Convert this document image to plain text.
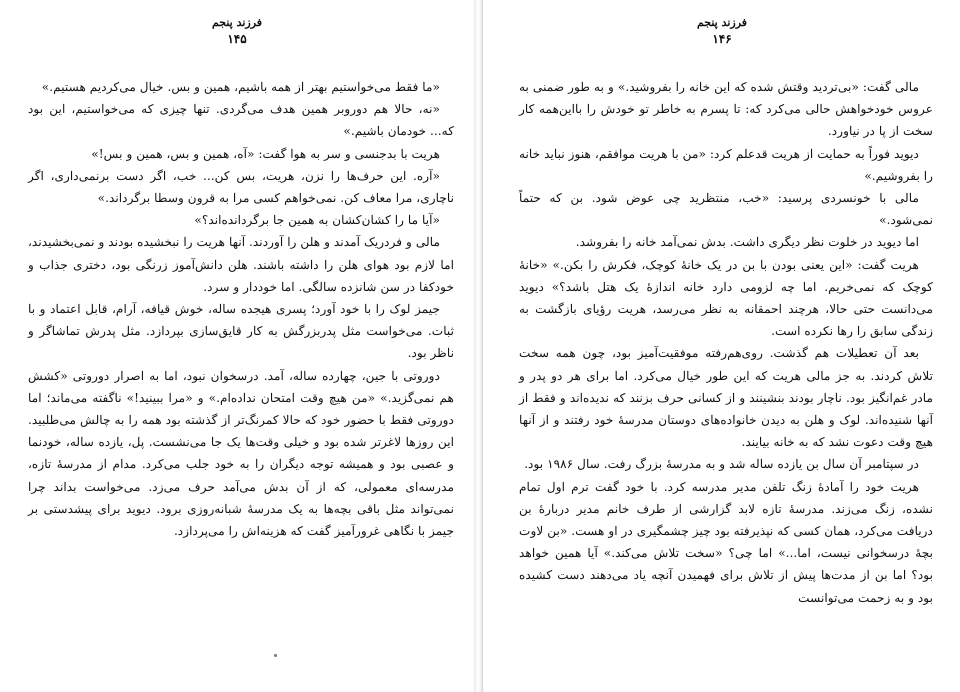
فرزند پنجم
۱۴۵

«ما فقط می‌خواستیم بهتر از همه باشیم، همین و بس. خیال می‌کردیم هستیم.»

«نه، حالا هم دوروبر همین هدف می‌گردی. تنها چیزی که می‌خواستیم، این بود که... خودمان باشیم.»

هریت با بدجنسی و سر به هوا گفت: «آه، همین و بس، همین و بس!»

«آره. این حرف‌ها را نزن، هریت، بس کن... خب، اگر دست برنمی‌داری، اگر ناچاری، مرا معاف کن. نمی‌خواهم کسی مرا به قرون وسطا برگرداند.»

«آیا ما را کشان‌کشان به همین جا برگردانده‌اند؟»

مالی و فردریک آمدند و هلن را آوردند. آنها هریت را نبخشیده بودند و نمی‌بخشیدند، اما لازم بود هوای هلن را داشته باشند. هلن دانش‌آموز زرنگی بود، دختری جذاب و خودکفا در سن شانزده سالگی. اما خوددار و سرد.

جیمز لوک را با خود آورد؛ پسری هیجده ساله، خوش قیافه، آرام، قابل اعتماد و با ثبات. می‌خواست مثل پدربزرگش به کار قایق‌سازی بپردازد. مثل پدرش تماشاگر و ناظر بود.

دوروتی با جین، چهارده ساله، آمد. درسخوان نبود، اما به اصرار دوروتی «کشش هم نمی‌گزید.» «من هیچ وقت امتحان نداده‌ام.» و «مرا ببینید!» ناگفته می‌ماند؛ اما دوروتی فقط با حضور خود که حالا کمرنگ‌تر از گذشته بود همه را به چالش می‌طلبید. این روزها لاغرتر شده بود و خیلی وقت‌ها یک جا می‌نشست. پل، یازده ساله، خودنما و عصبی بود و همیشه توجه دیگران را به خود جلب می‌کرد. مدام از مدرسهٔ تازه، مدرسه‌ای معمولی، که از آن بدش می‌آمد حرف می‌زد. می‌خواست بداند چرا نمی‌تواند مثل باقی بچه‌ها به یک مدرسهٔ شبانه‌روزی برود. دیوید برای پیشدستی بر جیمز با نگاهی غرورآمیز گفت که هزینه‌اش را می‌پردازد.

فرزند پنجم
۱۴۶

مالی گفت: «بی‌تردید وقتش شده که این خانه را بفروشید.» و به طور ضمنی به عروس خودخواهش حالی می‌کرد که: تا پسرم به خاطر تو خودش را بااین‌همه کار سخت از پا در نیاورد.

دیوید فوراً به حمایت از هریت قدعلم کرد: «من با هریت موافقم، هنوز نباید خانه را بفروشیم.»

مالی با خونسردی پرسید: «خب، منتظرید چی عوض شود. بن که حتماً نمی‌شود.»

اما دیوید در خلوت نظر دیگری داشت. بدش نمی‌آمد خانه را بفروشد.

هریت گفت: «این یعنی بودن با بن در یک خانهٔ کوچک، فکرش را بکن.» «خانهٔ کوچک که نمی‌خریم. اما چه لزومی دارد خانه اندازهٔ یک هتل باشد؟» دیوید می‌دانست حتی حالا، هرچند احمقانه به نظر می‌رسد، هریت رؤیای بازگشت به زندگی سابق را رها نکرده است.

بعد آن تعطیلات هم گذشت. روی‌هم‌رفته موفقیت‌آمیز بود، چون همه سخت تلاش کردند. به جز مالی هریت که این طور خیال می‌کرد. اما برای هر دو پدر و مادر غم‌انگیز بود. ناچار بودند بنشینند و از کسانی حرف بزنند که ندیده‌اند و فقط از آنها شنیده‌اند. لوک و هلن به دیدن خانواده‌های دوستان مدرسهٔ خود رفتند و از آنها هیچ وقت دعوت نشد که به خانه بیایند.

در سپتامبر آن سال بن یازده ساله شد و به مدرسهٔ بزرگ رفت. سال ۱۹۸۶ بود.

هریت خود را آمادهٔ زنگ تلفن مدیر مدرسه کرد. با خود گفت ترم اول تمام نشده، زنگ می‌زند. مدرسهٔ تازه لابد گزارشی از طرف خانم مدیر دربارهٔ بن دریافت می‌کرد، همان کسی که نپذیرفته بود چیز چشمگیری در او هست. «بن لاوت بچهٔ درسخوانی نیست، اما...» اما چی؟ «سخت تلاش می‌کند.» آیا همین خواهد بود؟ اما بن از مدت‌ها پیش از تلاش برای فهمیدن آنچه یاد می‌دهند دست کشیده بود و به زحمت می‌توانست
